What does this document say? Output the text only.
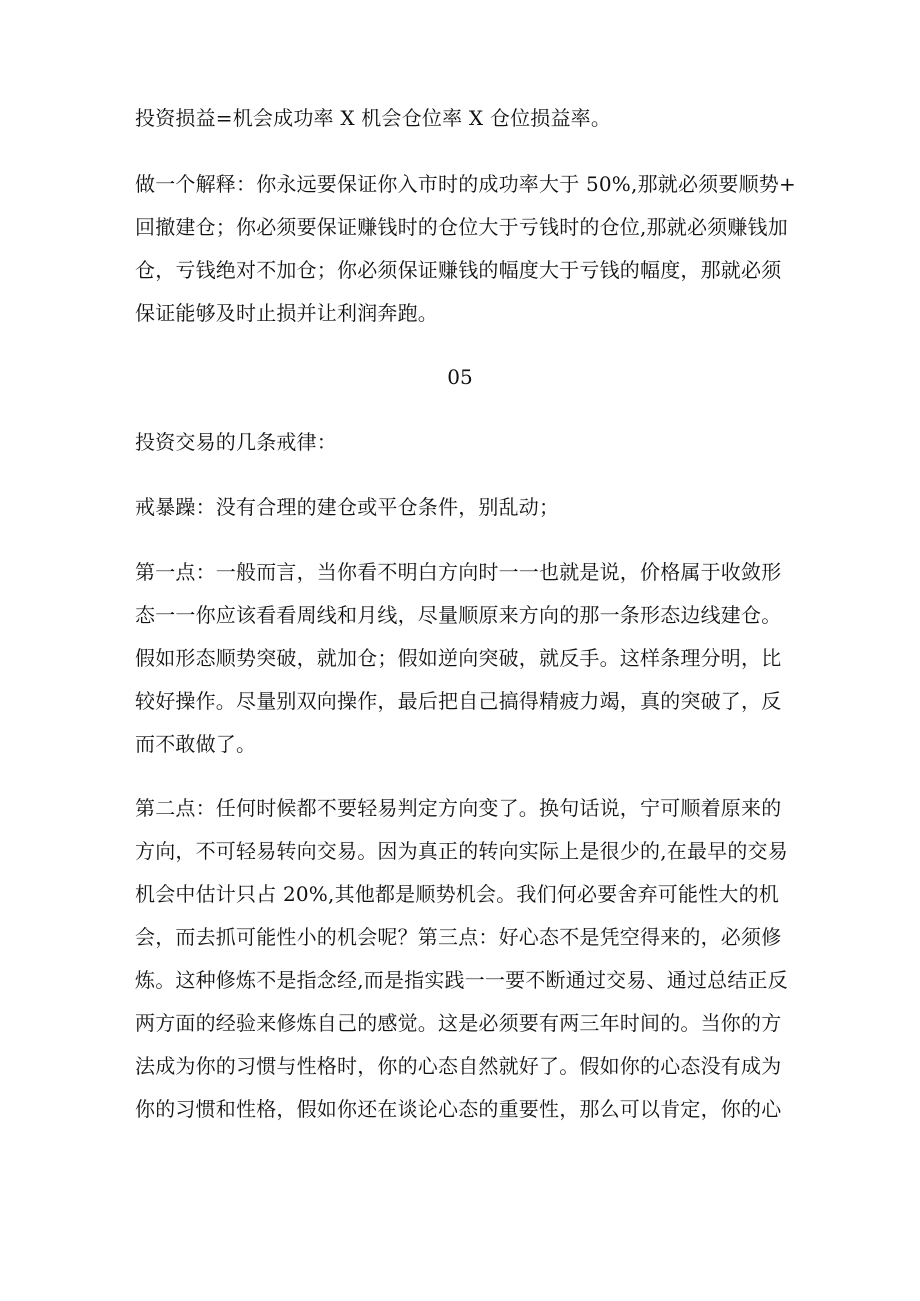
投资损益=机会成功率 X 机会仓位率 X 仓位损益率。

做一个解释：你永远要保证你入市时的成功率大于 50%,那就必须要顺势+
回撤建仓；你必须要保证赚钱时的仓位大于亏钱时的仓位,那就必须赚钱加
仓，亏钱绝对不加仓；你必须保证赚钱的幅度大于亏钱的幅度，那就必须
保证能够及时止损并让利润奔跑。

05

投资交易的几条戒律：

戒暴躁：没有合理的建仓或平仓条件，别乱动；

第一点：一般而言，当你看不明白方向时一一也就是说，价格属于收敛形
态一一你应该看看周线和月线，尽量顺原来方向的那一条形态边线建仓。
假如形态顺势突破，就加仓；假如逆向突破，就反手。这样条理分明，比
较好操作。尽量别双向操作，最后把自己搞得精疲力竭，真的突破了，反
而不敢做了。

第二点：任何时候都不要轻易判定方向变了。换句话说，宁可顺着原来的
方向，不可轻易转向交易。因为真正的转向实际上是很少的,在最早的交易
机会中估计只占 20%,其他都是顺势机会。我们何必要舍弃可能性大的机
会，而去抓可能性小的机会呢？第三点：好心态不是凭空得来的，必须修
炼。这种修炼不是指念经,而是指实践一一要不断通过交易、通过总结正反
两方面的经验来修炼自己的感觉。这是必须要有两三年时间的。当你的方
法成为你的习惯与性格时，你的心态自然就好了。假如你的心态没有成为
你的习惯和性格，假如你还在谈论心态的重要性，那么可以肯定，你的心
